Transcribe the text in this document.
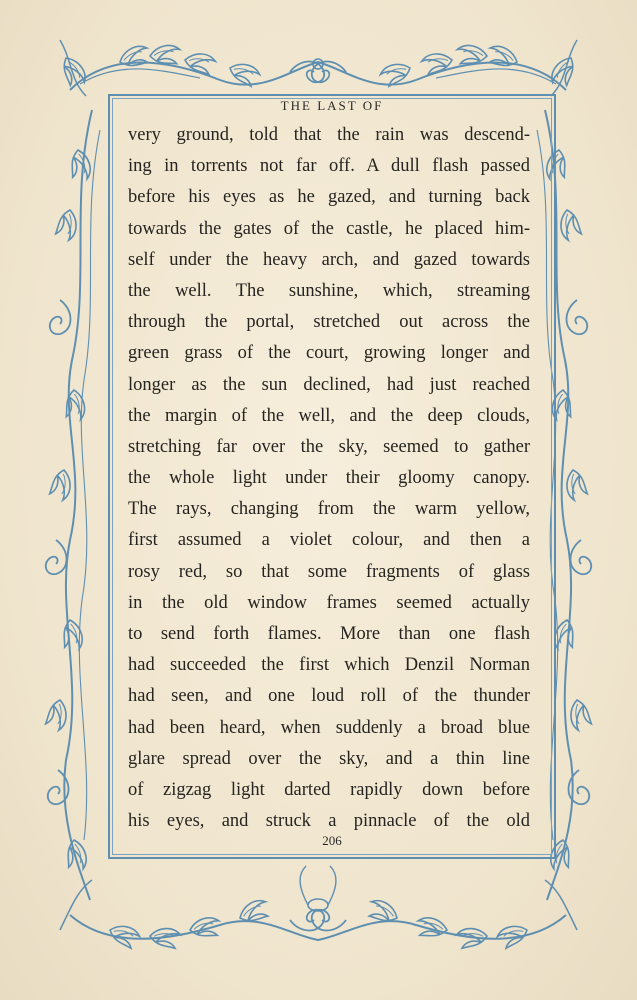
THE LAST OF
very ground, told that the rain was descend-
ing in torrents not far off. A dull flash passed
before his eyes as he gazed, and turning back
towards the gates of the castle, he placed him-
self under the heavy arch, and gazed towards
the well. The sunshine, which, streaming
through the portal, stretched out across the
green grass of the court, growing longer and
longer as the sun declined, had just reached
the margin of the well, and the deep clouds,
stretching far over the sky, seemed to gather
the whole light under their gloomy canopy.
The rays, changing from the warm yellow,
first assumed a violet colour, and then a
rosy red, so that some fragments of glass
in the old window frames seemed actually
to send forth flames. More than one flash
had succeeded the first which Denzil Norman
had seen, and one loud roll of the thunder
had been heard, when suddenly a broad blue
glare spread over the sky, and a thin line
of zigzag light darted rapidly down before
his eyes, and struck a pinnacle of the old
206
